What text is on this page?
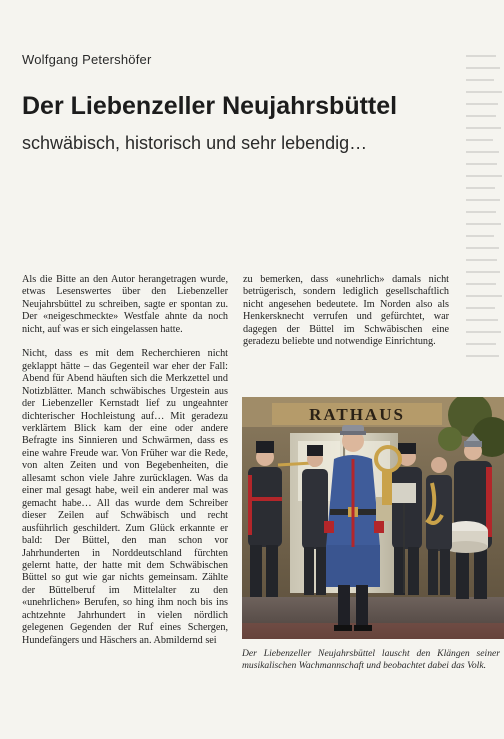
Wolfgang Petershöfer
Der Liebenzeller Neujahrsbüttel
schwäbisch, historisch und sehr lebendig…

Als die Bitte an den Autor herangetragen wurde, etwas Lesenswertes über den Liebenzeller Neujahrsbüttel zu schreiben, sagte er spontan zu. Der «neigeschmeckte» Westfale ahnte da noch nicht, auf was er sich eingelassen hatte.

Nicht, dass es mit dem Recherchieren nicht geklappt hätte – das Gegenteil war eher der Fall: Abend für Abend häuften sich die Merkzettel und Notizblätter. Manch schwäbisches Urgestein aus der Liebenzeller Kernstadt lief zu ungeahnter dichterischer Hochleistung auf… Mit geradezu verklärtem Blick kam der eine oder andere Befragte ins Sinnieren und Schwärmen, dass es eine wahre Freude war. Von Früher war die Rede, von alten Zeiten und von Begebenheiten, die allesamt schon viele Jahre zurücklagen. Was da einer mal gesagt habe, weil ein anderer mal was gemacht habe… All das wurde dem Schreiber dieser Zeilen auf Schwäbisch und recht ausführlich geschildert. Zum Glück erkannte er bald: Der Büttel, den man schon vor Jahrhunderten in Norddeutschland fürchten gelernt hatte, der hatte mit dem Schwäbischen Büttel so gut wie gar nichts gemeinsam. Zählte der Büttelberuf im Mittelalter zu den «unehrlichen» Berufen, so hing ihm noch bis ins achtzehnte Jahrhundert in vielen nördlich gelegenen Gegenden der Ruf eines Schergen, Hundefängers und Häschers an. Abmildernd sei

zu bemerken, dass «unehrlich» damals nicht betrügerisch, sondern lediglich gesellschaftlich nicht angesehen bedeutete. Im Norden also als Henkersknecht verrufen und gefürchtet, war dagegen der Büttel im Schwäbischen eine geradezu beliebte und notwendige Einrichtung.

RATHAUS
Der Liebenzeller Neujahrsbüttel lauscht den Klängen seiner musikalischen Wachmannschaft und beobachtet dabei das Volk.
